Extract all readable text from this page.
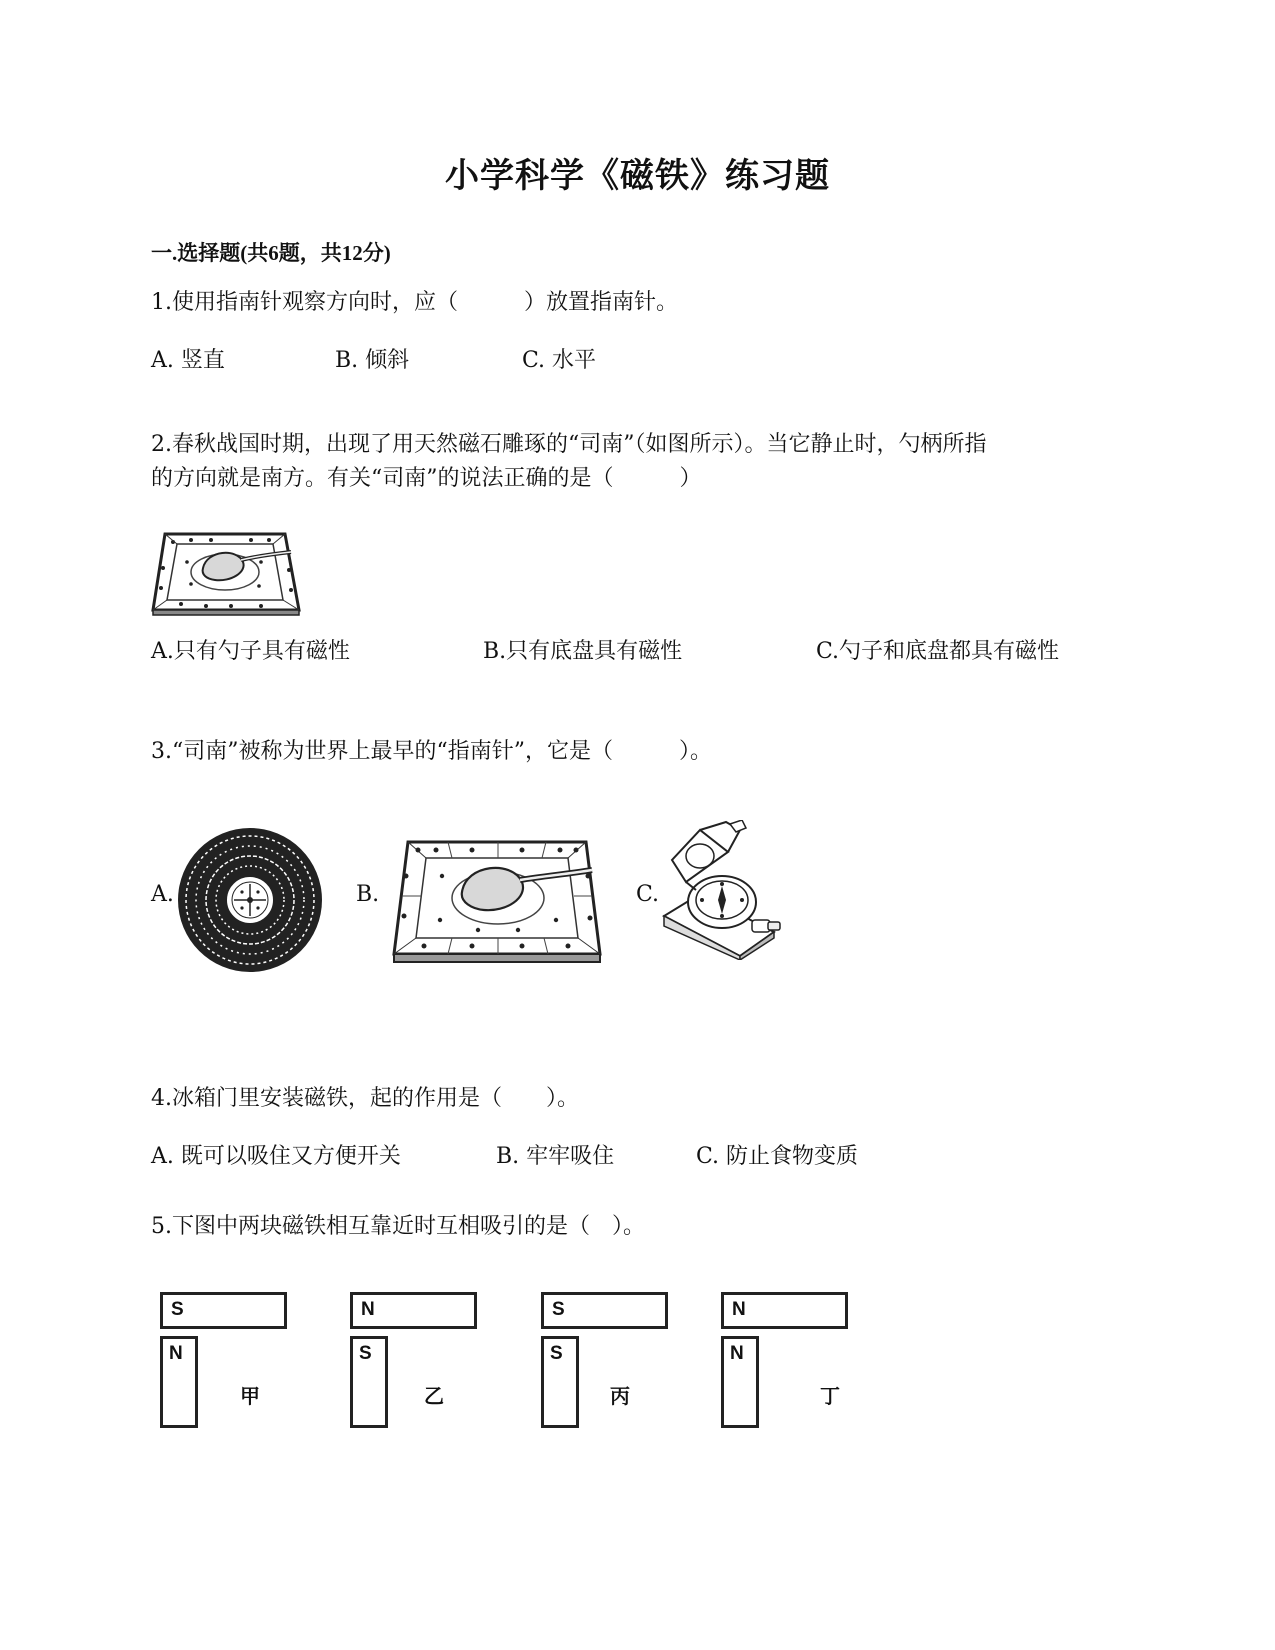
小学科学《磁铁》练习题
一.选择题(共6题，共12分)
1.使用指南针观察方向时，应（　　　）放置指南针。
A. 竖直	B. 倾斜	C. 水平
2.春秋战国时期，出现了用天然磁石雕琢的“司南”（如图所示）。当它静止时，勺柄所指
的方向就是南方。有关“司南”的说法正确的是（　　　）
A.只有勺子具有磁性	B.只有底盘具有磁性	C.勺子和底盘都具有磁性
3.“司南”被称为世界上最早的“指南针”，它是（　　　）。
A.	B.	C.
4.冰箱门里安装磁铁，起的作用是（　　）。
A. 既可以吸住又方便开关	B. 牢牢吸住	C. 防止食物变质
5.下图中两块磁铁相互靠近时互相吸引的是（　）。
S
N
甲
N
S
乙
S
S
丙
N
N
丁
